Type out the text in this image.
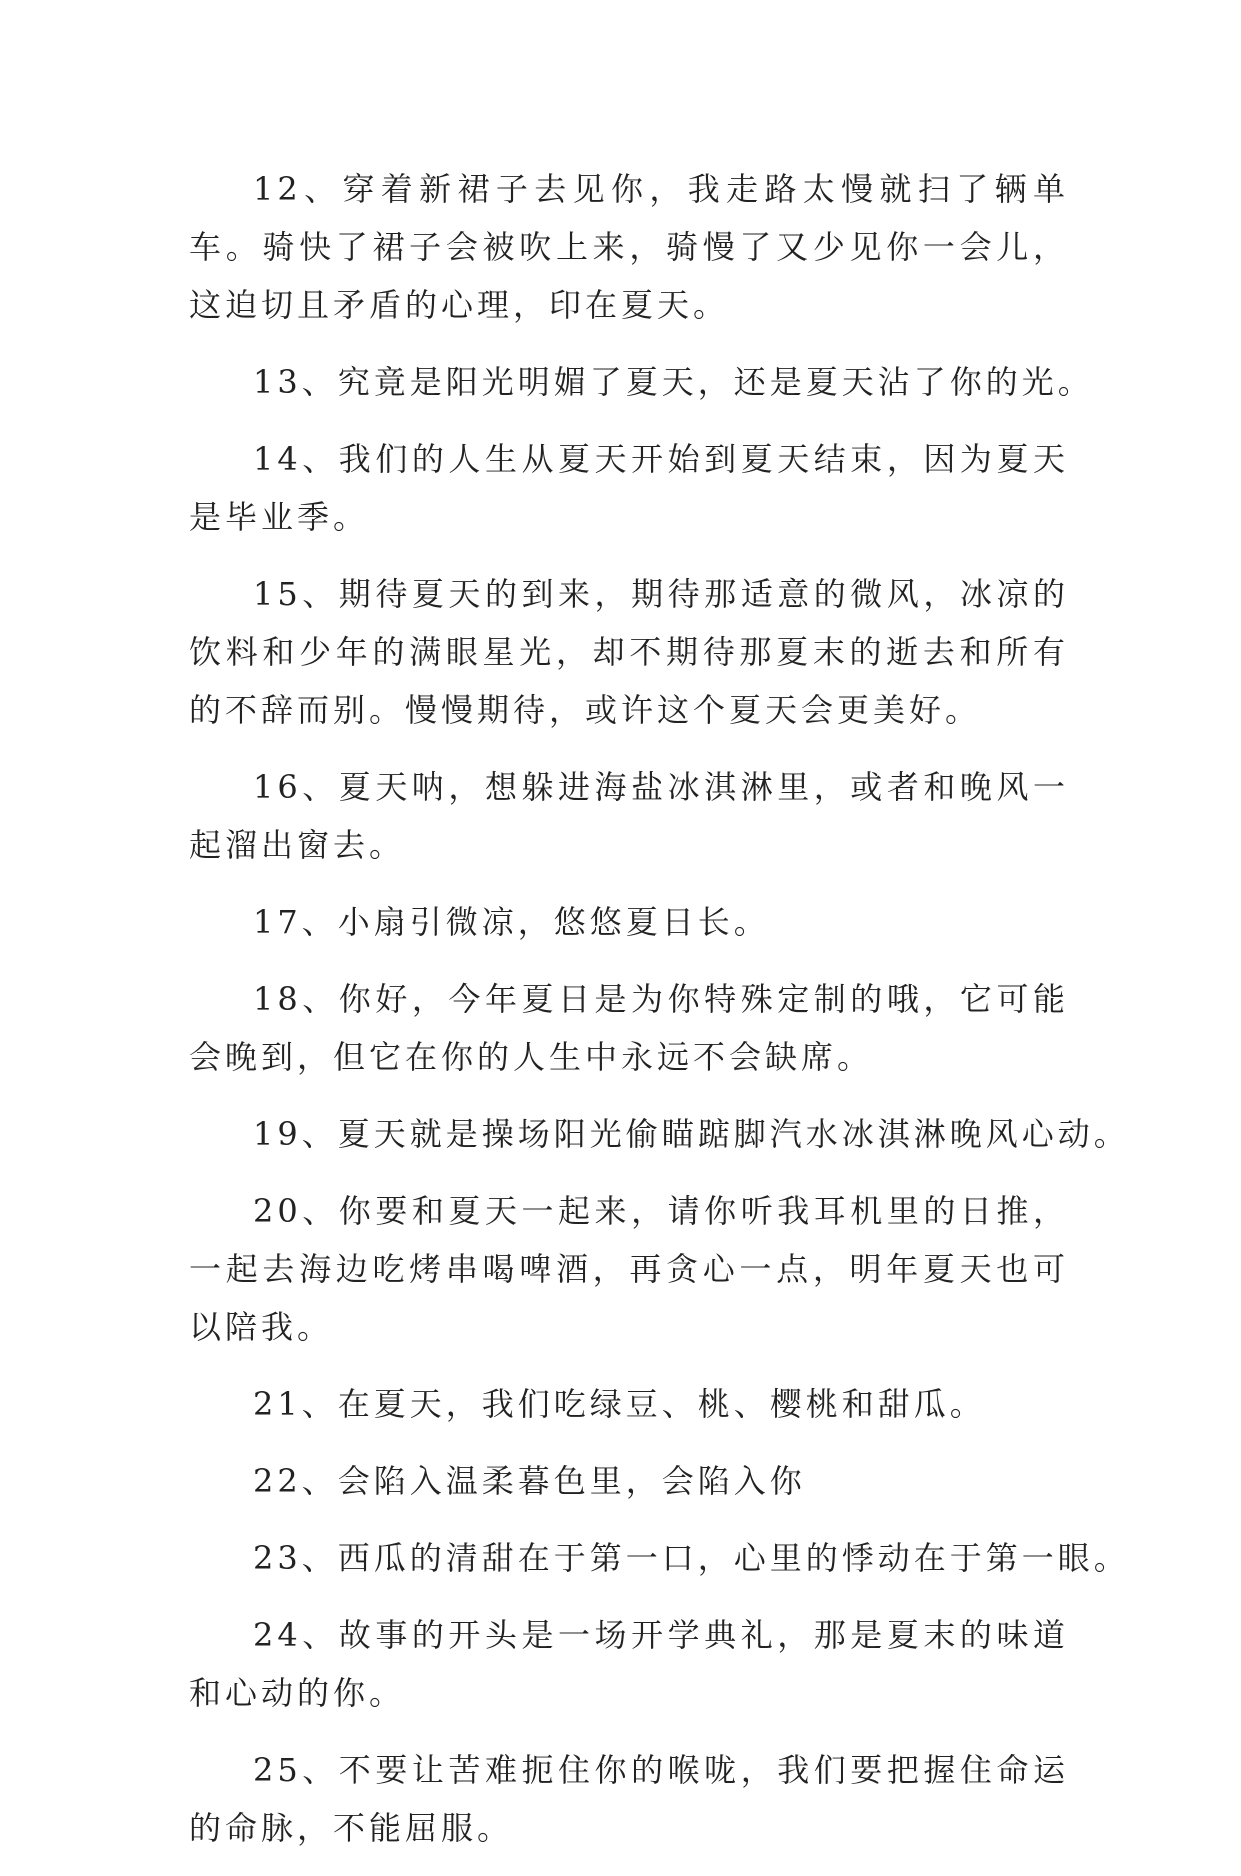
12、穿着新裙子去见你，我走路太慢就扫了辆单车。骑快了裙子会被吹上来，骑慢了又少见你一会儿，这迫切且矛盾的心理，印在夏天。

13、究竟是阳光明媚了夏天，还是夏天沾了你的光。

14、我们的人生从夏天开始到夏天结束，因为夏天是毕业季。

15、期待夏天的到来，期待那适意的微风，冰凉的饮料和少年的满眼星光，却不期待那夏末的逝去和所有的不辞而别。慢慢期待，或许这个夏天会更美好。

16、夏天呐，想躲进海盐冰淇淋里，或者和晚风一起溜出窗去。

17、小扇引微凉，悠悠夏日长。

18、你好，今年夏日是为你特殊定制的哦，它可能会晚到，但它在你的人生中永远不会缺席。

19、夏天就是操场阳光偷瞄踮脚汽水冰淇淋晚风心动。

20、你要和夏天一起来，请你听我耳机里的日推，一起去海边吃烤串喝啤酒，再贪心一点，明年夏天也可以陪我。

21、在夏天，我们吃绿豆、桃、樱桃和甜瓜。

22、会陷入温柔暮色里，会陷入你

23、西瓜的清甜在于第一口，心里的悸动在于第一眼。

24、故事的开头是一场开学典礼，那是夏末的味道和心动的你。

25、不要让苦难扼住你的喉咙，我们要把握住命运的命脉，不能屈服。
